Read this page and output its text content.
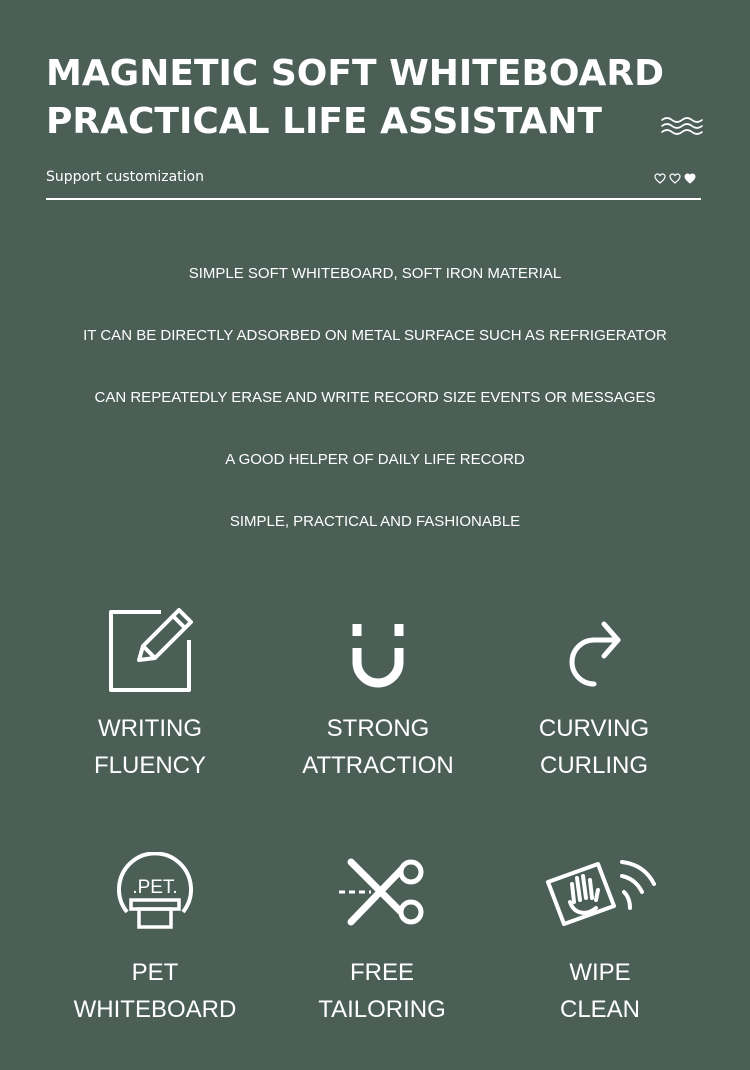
MAGNETIC SOFT WHITEBOARD
PRACTICAL LIFE ASSISTANT
Support customization
SIMPLE SOFT WHITEBOARD, SOFT IRON MATERIAL
IT CAN BE DIRECTLY ADSORBED ON METAL SURFACE SUCH AS REFRIGERATOR
CAN REPEATEDLY ERASE AND WRITE RECORD SIZE EVENTS OR MESSAGES
A GOOD HELPER OF DAILY LIFE RECORD
SIMPLE, PRACTICAL AND FASHIONABLE
WRITING
FLUENCY
STRONG
ATTRACTION
CURVING
CURLING
.PET.
PET
WHITEBOARD
FREE
TAILORING
WIPE
CLEAN
